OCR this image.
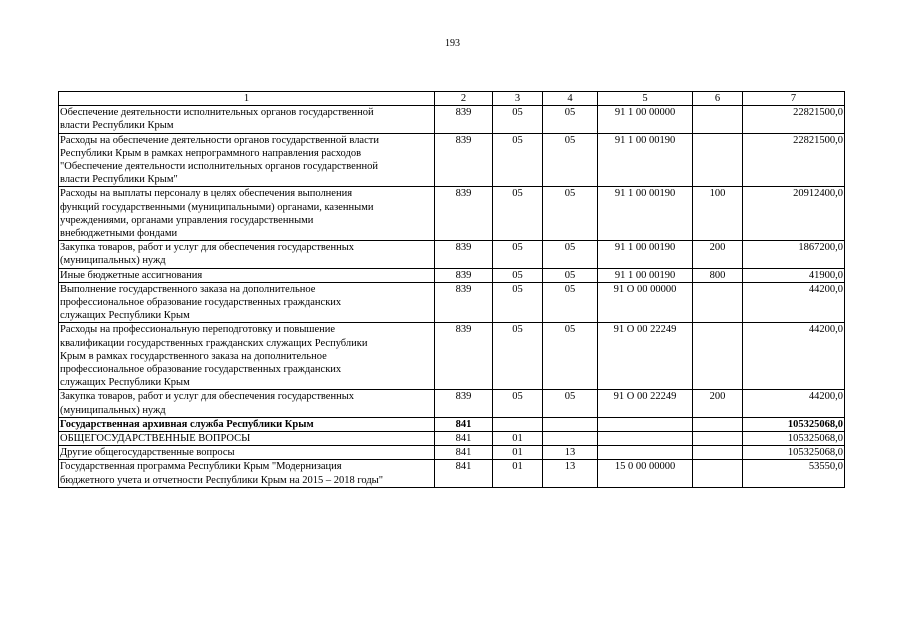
193
1	2	3	4	5	6	7
Обеспечение деятельности исполнительных органов государственной
власти Республики Крым	839	05	05	91 1 00 00000		22821500,0
Расходы на обеспечение деятельности органов государственной власти
Республики Крым в рамках непрограммного направления расходов
"Обеспечение деятельности исполнительных органов государственной
власти Республики Крым"	839	05	05	91 1 00 00190		22821500,0
Расходы на выплаты персоналу в целях обеспечения выполнения
функций государственными (муниципальными) органами, казенными
учреждениями, органами управления государственными
внебюджетными фондами	839	05	05	91 1 00 00190	100	20912400,0
Закупка товаров, работ и услуг для обеспечения государственных
(муниципальных) нужд	839	05	05	91 1 00 00190	200	1867200,0
Иные бюджетные ассигнования	839	05	05	91 1 00 00190	800	41900,0
Выполнение государственного заказа на дополнительное
профессиональное образование государственных гражданских
служащих Республики Крым	839	05	05	91 О 00 00000		44200,0
Расходы на профессиональную переподготовку и повышение
квалификации государственных гражданских служащих Республики
Крым в рамках государственного заказа на дополнительное
профессиональное образование государственных гражданских
служащих Республики Крым	839	05	05	91 О 00 22249		44200,0
Закупка товаров, работ и услуг для обеспечения государственных
(муниципальных) нужд	839	05	05	91 О 00 22249	200	44200,0
Государственная архивная служба Республики Крым	841					105325068,0
ОБЩЕГОСУДАРСТВЕННЫЕ ВОПРОСЫ	841	01				105325068,0
Другие общегосударственные вопросы	841	01	13			105325068,0
Государственная программа Республики Крым "Модернизация
бюджетного учета и отчетности Республики Крым на 2015 – 2018 годы"	841	01	13	15 0 00 00000		53550,0
